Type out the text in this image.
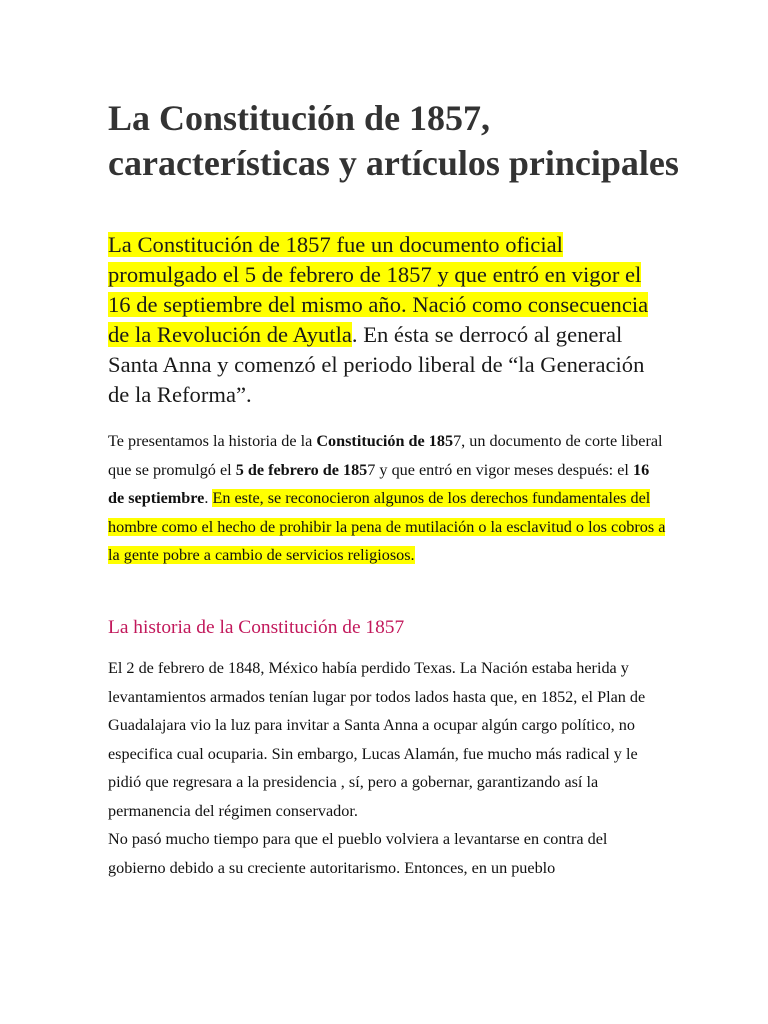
La Constitución de 1857, características y artículos principales

La Constitución de 1857 fue un documento oficial promulgado el 5 de febrero de 1857 y que entró en vigor el 16 de septiembre del mismo año. Nació como consecuencia de la Revolución de Ayutla. En ésta se derrocó al general Santa Anna y comenzó el periodo liberal de “la Generación de la Reforma”.

Te presentamos la historia de la Constitución de 1857, un documento de corte liberal que se promulgó el 5 de febrero de 1857 y que entró en vigor meses después: el 16 de septiembre. En este, se reconocieron algunos de los derechos fundamentales del hombre como el hecho de prohibir la pena de mutilación o la esclavitud o los cobros a la gente pobre a cambio de servicios religiosos.

La historia de la Constitución de 1857

El 2 de febrero de 1848, México había perdido Texas. La Nación estaba herida y levantamientos armados tenían lugar por todos lados hasta que, en 1852, el Plan de Guadalajara vio la luz para invitar a Santa Anna a ocupar algún cargo político, no especifica cual ocuparia. Sin embargo, Lucas Alamán, fue mucho más radical y le pidió que regresara a la presidencia , sí, pero a gobernar, garantizando así la permanencia del régimen conservador.
No pasó mucho tiempo para que el pueblo volviera a levantarse en contra del gobierno debido a su creciente autoritarismo. Entonces, en un pueblo
